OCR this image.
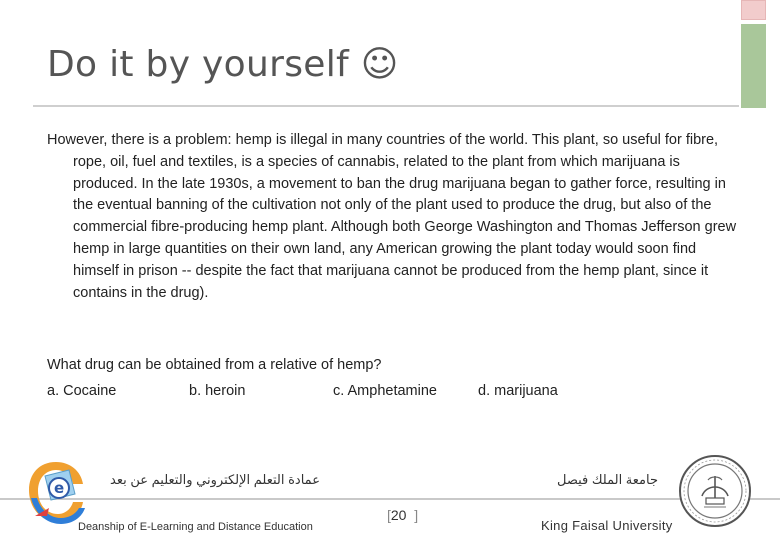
Do it by yourself ☺
However, there is a problem: hemp is illegal in many countries of the world. This plant, so useful for fibre, rope, oil, fuel and textiles, is a species of cannabis, related to the plant from which marijuana is produced. In the late 1930s, a movement to ban the drug marijuana began to gather force, resulting in the eventual banning of the cultivation not only of the plant used to produce the drug, but also of the commercial fibre-producing hemp plant. Although both George Washington and Thomas Jefferson grew hemp in large quantities on their own land, any American growing the plant today would soon find himself in prison -- despite the fact that marijuana cannot be produced from the hemp plant, since it contains in the drug).
What drug can be obtained from a relative of hemp?
a. Cocaine	b. heroin	c. Amphetamine	d. marijuana
e	عمادة التعلم الإلكتروني والتعليم عن بعد
Deanship of E-Learning and Distance Education
[20  ]
جامعة الملك فيصل
King Faisal University
